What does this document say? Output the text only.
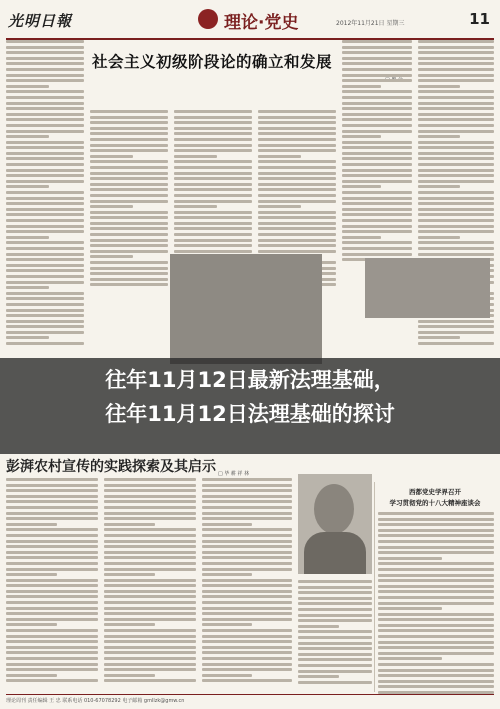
光明日報	理论·党史	2012年11月21日 星期三	11
社会主义初级阶段论的确立和发展
往年11月12日最新法理基础，
往年11月12日法理基础的探讨
彭湃农村宣传的实践探索及其启示 □ 毕 耕 祥 林
西都党史学界召开
学习贯彻党的十八大精神座谈会
理论周刊 责任编辑 王 忠 联系电话 010-67078292 电子邮箱 gmllzk@gmw.cn
